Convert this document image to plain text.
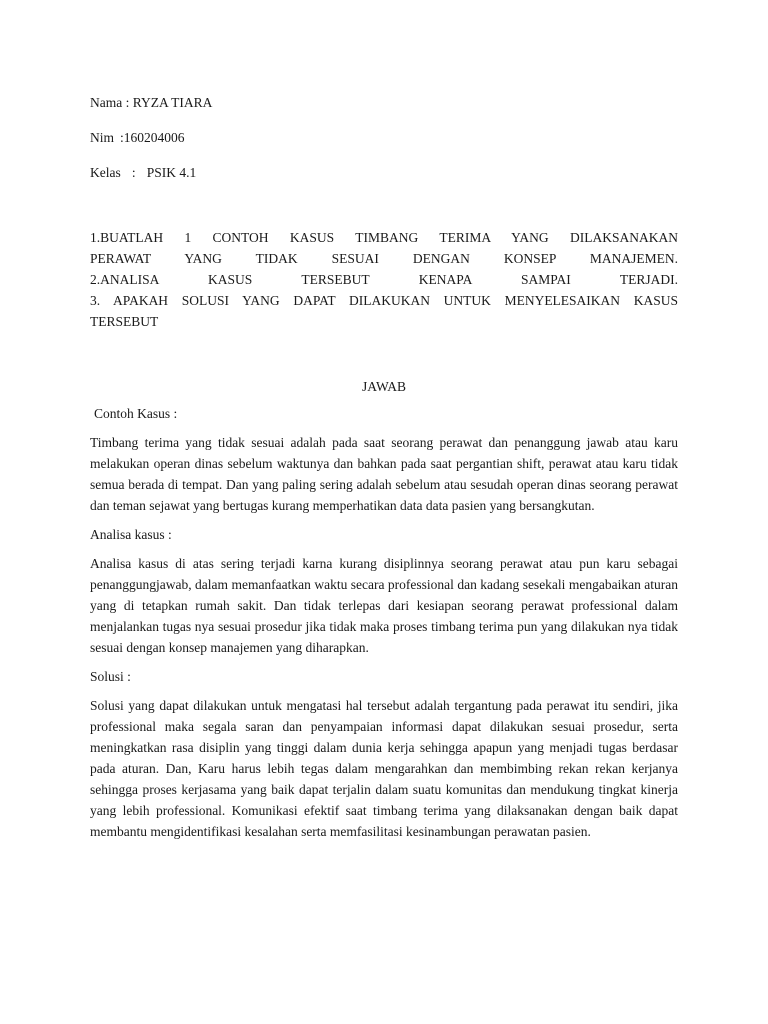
Nama : RYZA TIARA

Nim :160204006

Kelas : PSIK 4.1

1.BUATLAH 1 CONTOH KASUS TIMBANG TERIMA YANG DILAKSANAKAN

PERAWAT YANG TIDAK SESUAI DENGAN KONSEP MANAJEMEN.

2.ANALISA KASUS TERSEBUT KENAPA SAMPAI TERJADI.

3. APAKAH SOLUSI YANG DAPAT DILAKUKAN UNTUK MENYELESAIKAN KASUS

TERSEBUT

JAWAB

Contoh Kasus :

Timbang terima yang tidak sesuai adalah pada saat seorang perawat dan penanggung jawab atau karu melakukan operan dinas sebelum waktunya dan bahkan pada saat pergantian shift, perawat atau karu tidak semua berada di tempat. Dan yang paling sering adalah sebelum atau sesudah operan dinas seorang perawat dan teman sejawat yang bertugas kurang memperhatikan data data pasien yang bersangkutan.

Analisa kasus :

Analisa kasus di atas sering terjadi karna kurang disiplinnya seorang perawat atau pun karu sebagai penanggungjawab, dalam memanfaatkan waktu secara professional dan kadang sesekali mengabaikan aturan yang di tetapkan rumah sakit. Dan tidak terlepas dari kesiapan seorang perawat professional dalam menjalankan tugas nya sesuai prosedur jika tidak maka proses timbang terima pun yang dilakukan nya tidak sesuai dengan konsep manajemen yang diharapkan.

Solusi :

Solusi yang dapat dilakukan untuk mengatasi hal tersebut adalah tergantung pada perawat itu sendiri, jika professional maka segala saran dan penyampaian informasi dapat dilakukan sesuai prosedur, serta meningkatkan rasa disiplin yang tinggi dalam dunia kerja sehingga apapun yang menjadi tugas berdasar pada aturan. Dan, Karu harus lebih tegas dalam mengarahkan dan membimbing rekan rekan kerjanya sehingga proses kerjasama yang baik dapat terjalin dalam suatu komunitas dan mendukung tingkat kinerja yang lebih professional. Komunikasi efektif saat timbang terima yang dilaksanakan dengan baik dapat membantu mengidentifikasi kesalahan serta memfasilitasi kesinambungan perawatan pasien.
